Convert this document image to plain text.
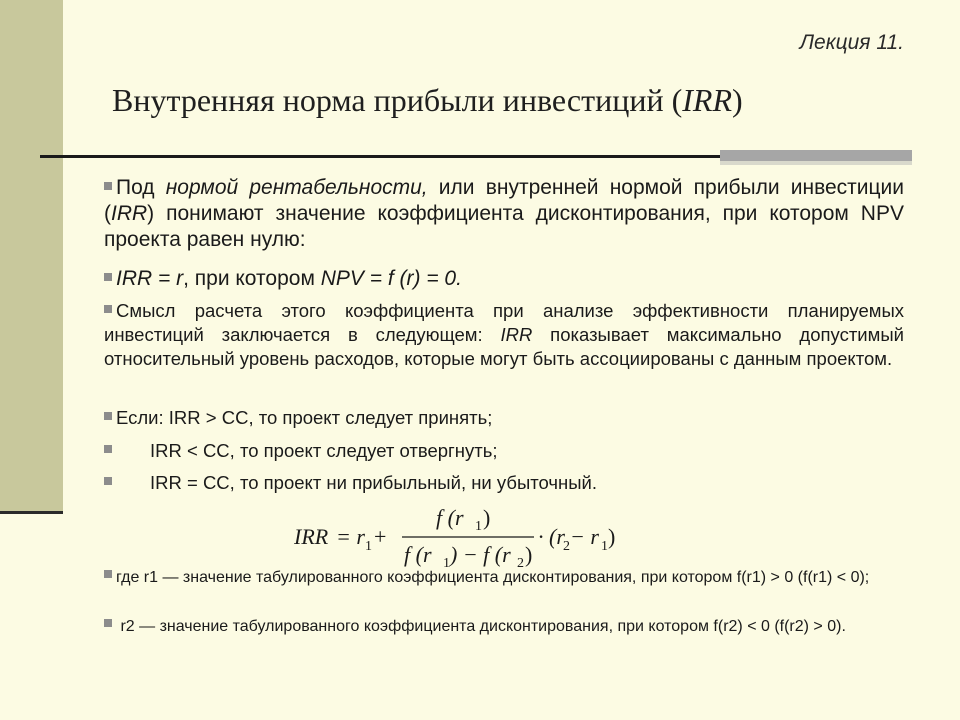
Лекция 11.
Внутренняя норма прибыли инвестиций (IRR)
Под нормой рентабельности, или внутренней нормой прибыли инвестиции (IRR) понимают значение коэффициента дисконтирования, при котором NPV проекта равен нулю:
IRR = r, при котором NPV = f (r) = 0.
Смысл расчета этого коэффициента при анализе эффективности планируемых инвестиций заключается в следующем: IRR показывает максимально допустимый относительный уровень расходов, которые могут быть ассоциированы с данным проектом.
Если: IRR > CC, то проект следует принять;
IRR < CC, то проект следует отвергнуть;
IRR = CC, то проект ни прибыльный, ни убыточный.
где r1 — значение табулированного коэффициента дисконтирования, при котором f(r1) > 0 (f(r1) < 0);
r2 — значение табулированного коэффициента дисконтирования, при котором f(r2) < 0 (f(r2) > 0).
IRR = r 1 +
f (r 1 )
f (r 1 ) − f (r 2 )
· (r
2 − r 1 )
